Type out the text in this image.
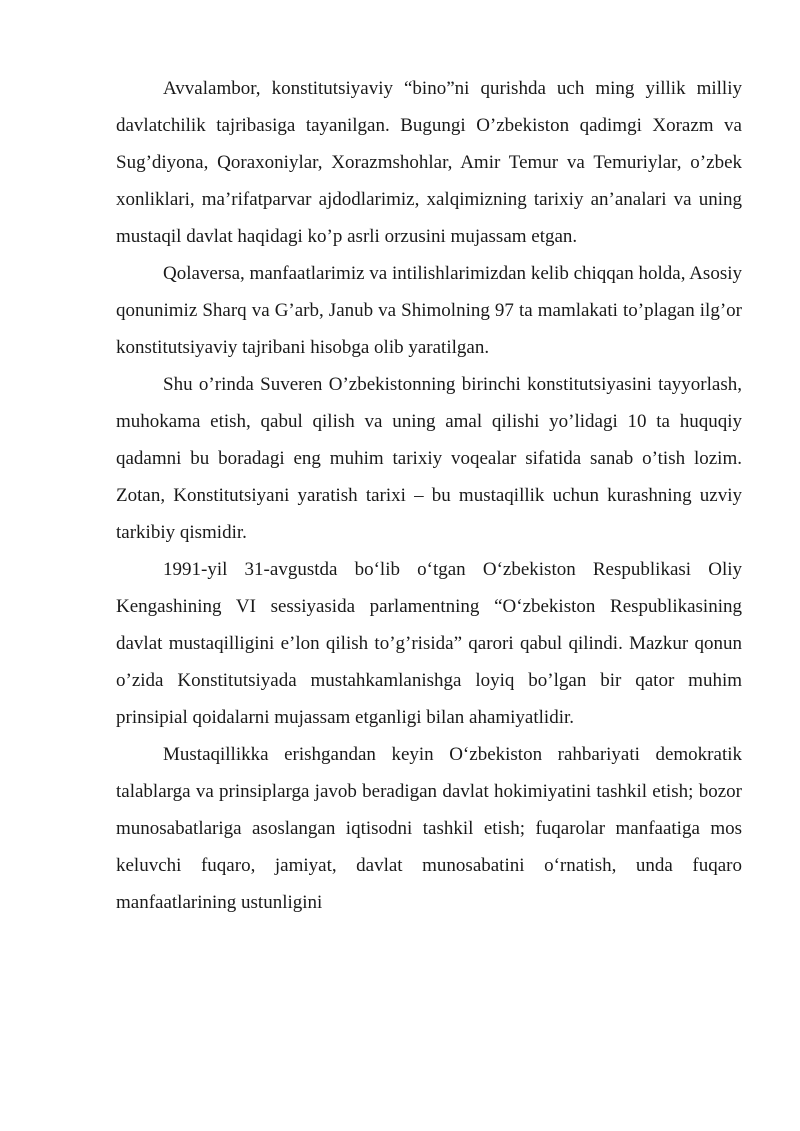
Avvalambor, konstitutsiyaviy “bino”ni qurishda uch ming yillik milliy davlatchilik tajribasiga tayanilgan. Bugungi O’zbekiston qadimgi Xorazm va Sug’diyona, Qoraxoniylar, Xorazmshohlar, Amir Temur va Temuriylar, o’zbek xonliklari, ma’rifatparvar ajdodlarimiz, xalqimizning tarixiy an’analari va uning mustaqil davlat haqidagi ko’p asrli orzusini mujassam etgan.

Qolaversa, manfaatlarimiz va intilishlarimizdan kelib chiqqan holda, Asosiy qonunimiz Sharq va G’arb, Janub va Shimolning 97 ta mamlakati to’plagan ilg’or konstitutsiyaviy tajribani hisobga olib yaratilgan.

Shu o’rinda Suveren O’zbekistonning birinchi konstitutsiyasini tayyorlash, muhokama etish, qabul qilish va uning amal qilishi yo’lidagi 10 ta huquqiy qadamni bu boradagi eng muhim tarixiy voqealar sifatida sanab o’tish lozim. Zotan, Konstitutsiyani yaratish tarixi – bu mustaqillik uchun kurashning uzviy tarkibiy qismidir.

1991-yil 31-avgustda bo‘lib o‘tgan O‘zbekiston Respublikasi Oliy Kengashining VI sessiyasida parlamentning “O‘zbekiston Respublikasining davlat mustaqilligini e’lon qilish to’g’risida” qarori qabul qilindi. Mazkur qonun o’zida Konstitutsiyada mustahkamlanishga loyiq bo’lgan bir qator muhim prinsipial qoidalarni mujassam etganligi bilan ahamiyatlidir.

Mustaqillikka erishgandan keyin O‘zbekiston rahbariyati demokratik talablarga va prinsiplarga javob beradigan davlat hokimiyatini tashkil etish; bozor munosabatlariga asoslangan iqtisodni tashkil etish; fuqarolar manfaatiga mos keluvchi fuqaro, jamiyat, davlat munosabatini o‘rnatish, unda fuqaro manfaatlarining ustunligini
